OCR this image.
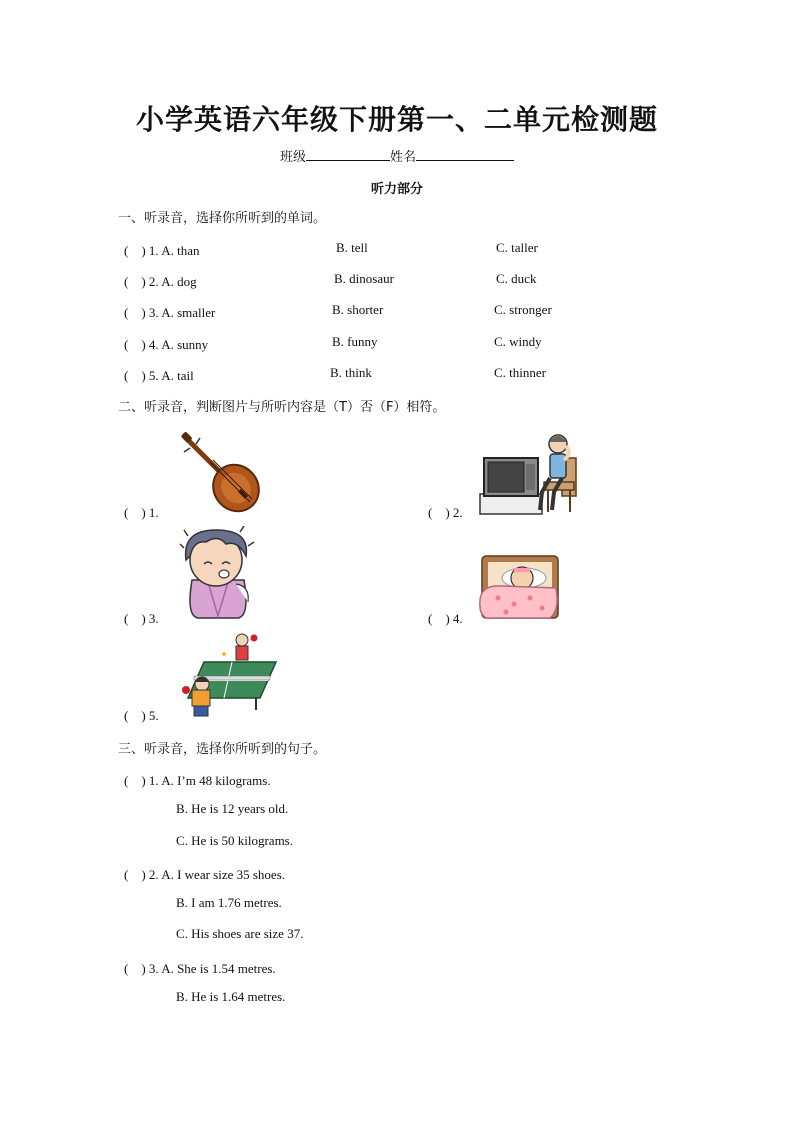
小学英语六年级下册第一、二单元检测题
班级	姓名
听力部分
一、听录音，选择你所听到的单词。
(　) 1. A. than	B. tell	C. taller
(　) 2. A. dog	B. dinosaur	C. duck
(　) 3. A. smaller	B. shorter	C. stronger
(　) 4. A. sunny	B. funny	C. windy
(　) 5. A. tail	B. think	C. thinner
二、听录音，判断图片与所听内容是（T）否（F）相符。
(　) 1.	(　) 2.
(　) 3.	(　) 4.
(　) 5.
三、听录音，选择你所听到的句子。
(　) 1. A. I’m 48 kilograms.
B. He is 12 years old.
C. He is 50 kilograms.
(　) 2. A. I wear size 35 shoes.
B. I am 1.76 metres.
C. His shoes are size 37.
(　) 3. A. She is 1.54 metres.
B. He is 1.64 metres.
